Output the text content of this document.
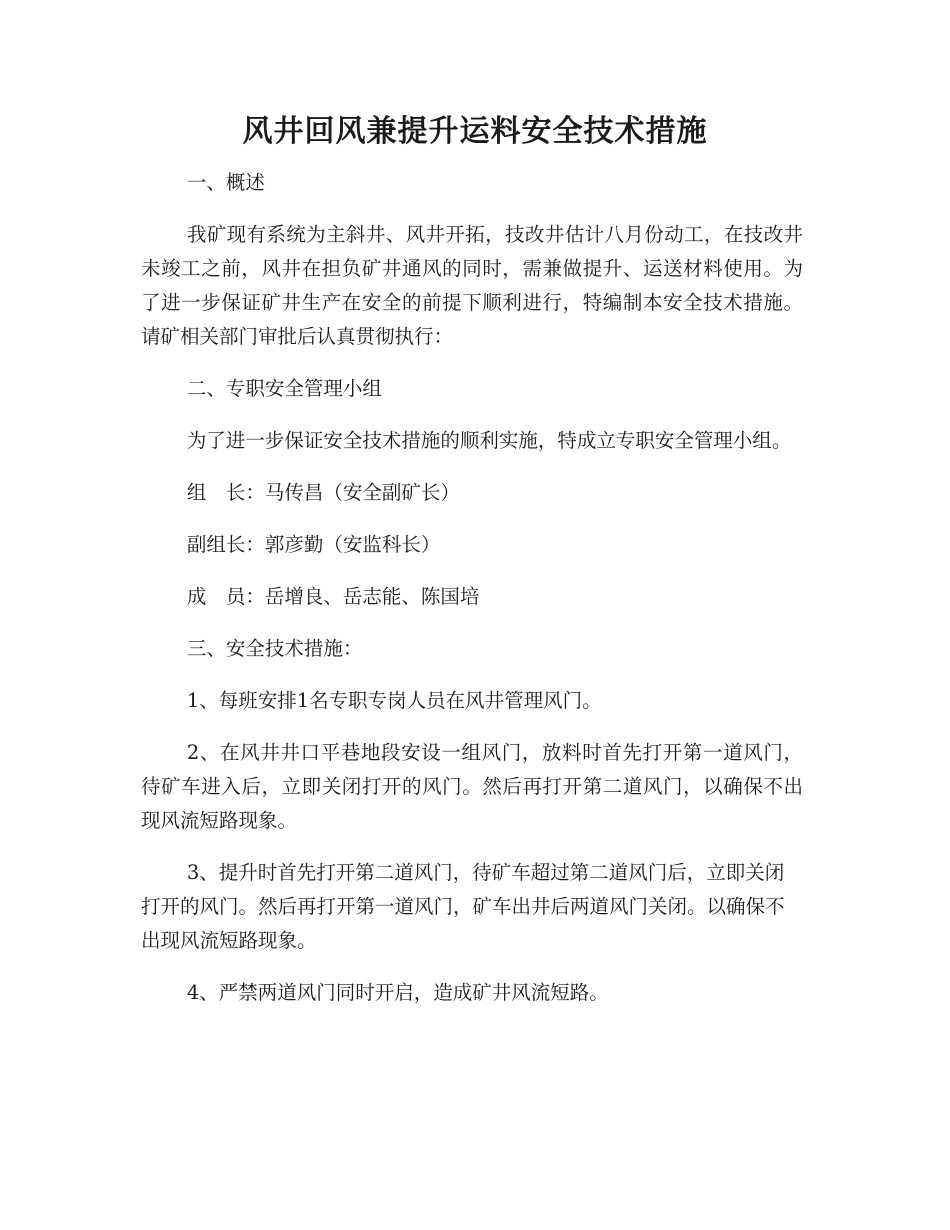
风井回风兼提升运料安全技术措施

一、概述

我矿现有系统为主斜井、风井开拓，技改井估计八月份动工，在技改井未竣工之前，风井在担负矿井通风的同时，需兼做提升、运送材料使用。为了进一步保证矿井生产在安全的前提下顺利进行，特编制本安全技术措施。请矿相关部门审批后认真贯彻执行：

二、专职安全管理小组

为了进一步保证安全技术措施的顺利实施，特成立专职安全管理小组。

组　长：马传昌（安全副矿长）

副组长：郭彦勤（安监科长）

成　员：岳增良、岳志能、陈国培

三、安全技术措施：

1、每班安排1名专职专岗人员在风井管理风门。

2、在风井井口平巷地段安设一组风门，放料时首先打开第一道风门，待矿车进入后，立即关闭打开的风门。然后再打开第二道风门，以确保不出现风流短路现象。

3、提升时首先打开第二道风门，待矿车超过第二道风门后，立即关闭打开的风门。然后再打开第一道风门，矿车出井后两道风门关闭。以确保不出现风流短路现象。

4、严禁两道风门同时开启，造成矿井风流短路。
